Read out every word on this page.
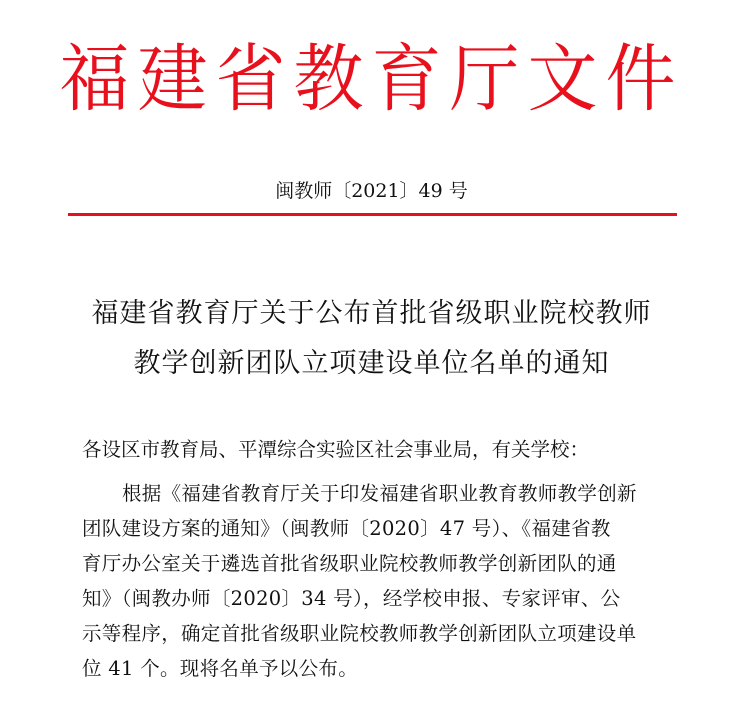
福建省教育厅文件
闽教师〔2021〕49 号
福建省教育厅关于公布首批省级职业院校教师
教学创新团队立项建设单位名单的通知
各设区市教育局、平潭综合实验区社会事业局，有关学校：
根据《福建省教育厅关于印发福建省职业教育教师教学创新
团队建设方案的通知》（闽教师〔2020〕47 号）、《福建省教
育厅办公室关于遴选首批省级职业院校教师教学创新团队的通
知》（闽教办师〔2020〕34 号），经学校申报、专家评审、公
示等程序，确定首批省级职业院校教师教学创新团队立项建设单
位 41 个。现将名单予以公布。
